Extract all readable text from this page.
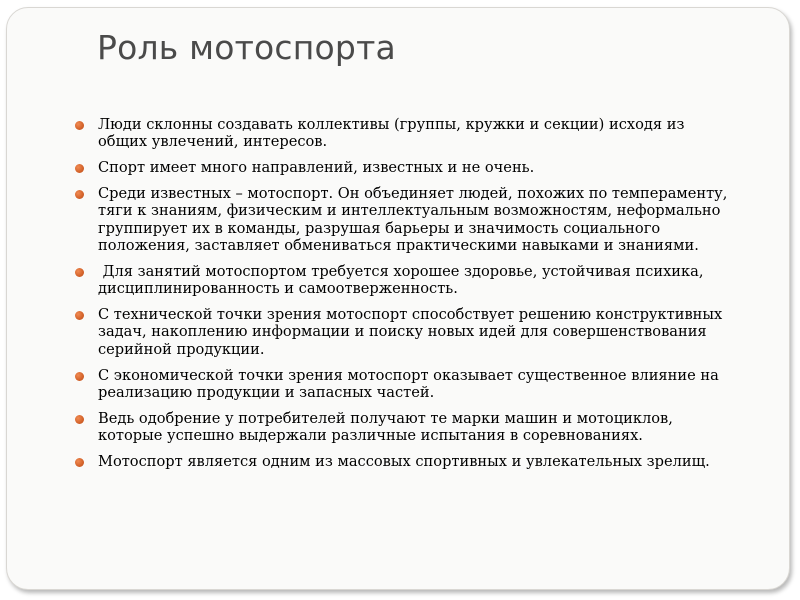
Роль мотоспорта
Люди склонны создавать коллективы (группы, кружки и секции) исходя из общих увлечений, интересов.
Спорт имеет много направлений, известных и не очень.
Среди известных – мотоспорт. Он объединяет людей, похожих по темпераменту, тяги к знаниям, физическим и интеллектуальным возможностям, неформально группирует их в команды, разрушая барьеры и значимость социального положения, заставляет обмениваться практическими навыками и знаниями.
Для занятий мотоспортом требуется хорошее здоровье, устойчивая психика, дисциплинированность и самоотверженность.
С технической точки зрения мотоспорт способствует решению конструктивных задач, накоплению информации и поиску новых идей для совершенствования серийной продукции.
С экономической точки зрения мотоспорт оказывает существенное влияние на реализацию продукции и запасных частей.
Ведь одобрение у потребителей получают те марки машин и мотоциклов, которые успешно выдержали различные испытания в соревнованиях.
Мотоспорт является одним из массовых спортивных и увлекательных зрелищ.
